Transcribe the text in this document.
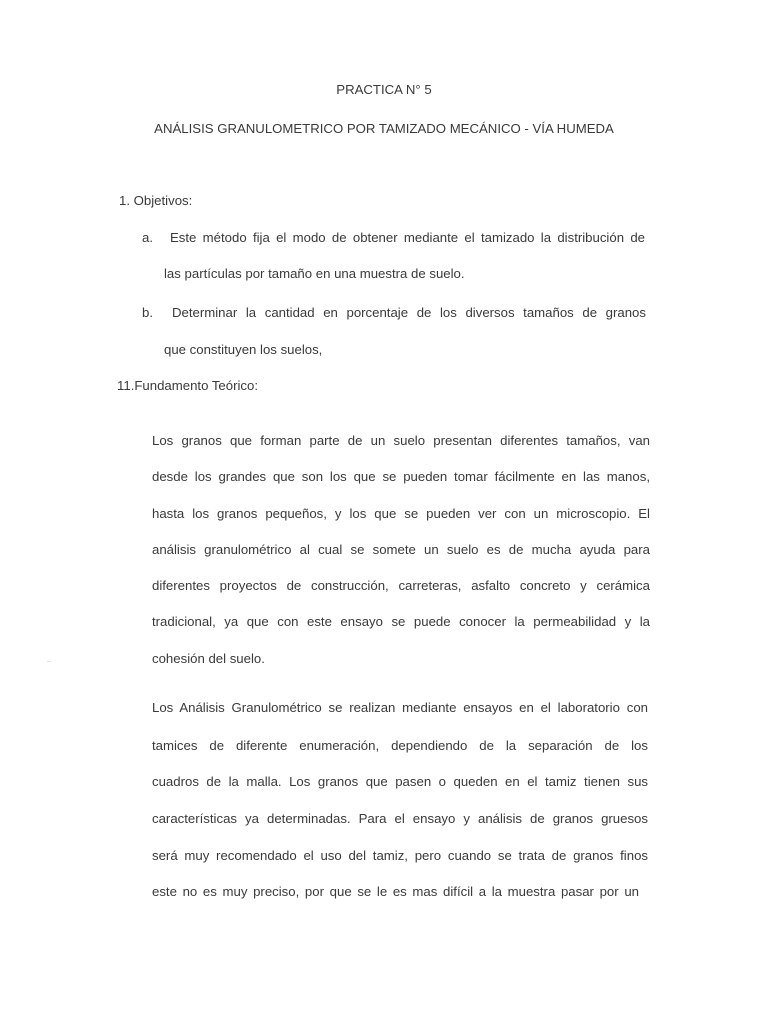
PRACTICA N° 5
ANÁLISIS GRANULOMETRICO POR TAMIZADO MECÁNICO - VÍA HUMEDA
1. Objetivos:
a. Este método fija el modo de obtener mediante el tamizado la distribución de
las partículas por tamaño en una muestra de suelo.
b. Determinar la cantidad en porcentaje de los diversos tamaños de granos
que constituyen los suelos,
11.Fundamento Teórico:
Los granos que forman parte de un suelo presentan diferentes tamaños, van
desde los grandes que son los que se pueden tomar fácilmente en las manos,
hasta los granos pequeños, y los que se pueden ver con un microscopio. El
análisis granulométrico al cual se somete un suelo es de mucha ayuda para
diferentes proyectos de construcción, carreteras, asfalto concreto y cerámica
tradicional, ya que con este ensayo se puede conocer la permeabilidad y la
cohesión del suelo.
Los Análisis Granulométrico se realizan mediante ensayos en el laboratorio con
tamices de diferente enumeración, dependiendo de la separación de los
cuadros de la malla. Los granos que pasen o queden en el tamiz tienen sus
características ya determinadas. Para el ensayo y análisis de granos gruesos
será muy recomendado el uso del tamiz, pero cuando se trata de granos finos
este no es muy preciso, por que se le es mas difícil a la muestra pasar por un
..
